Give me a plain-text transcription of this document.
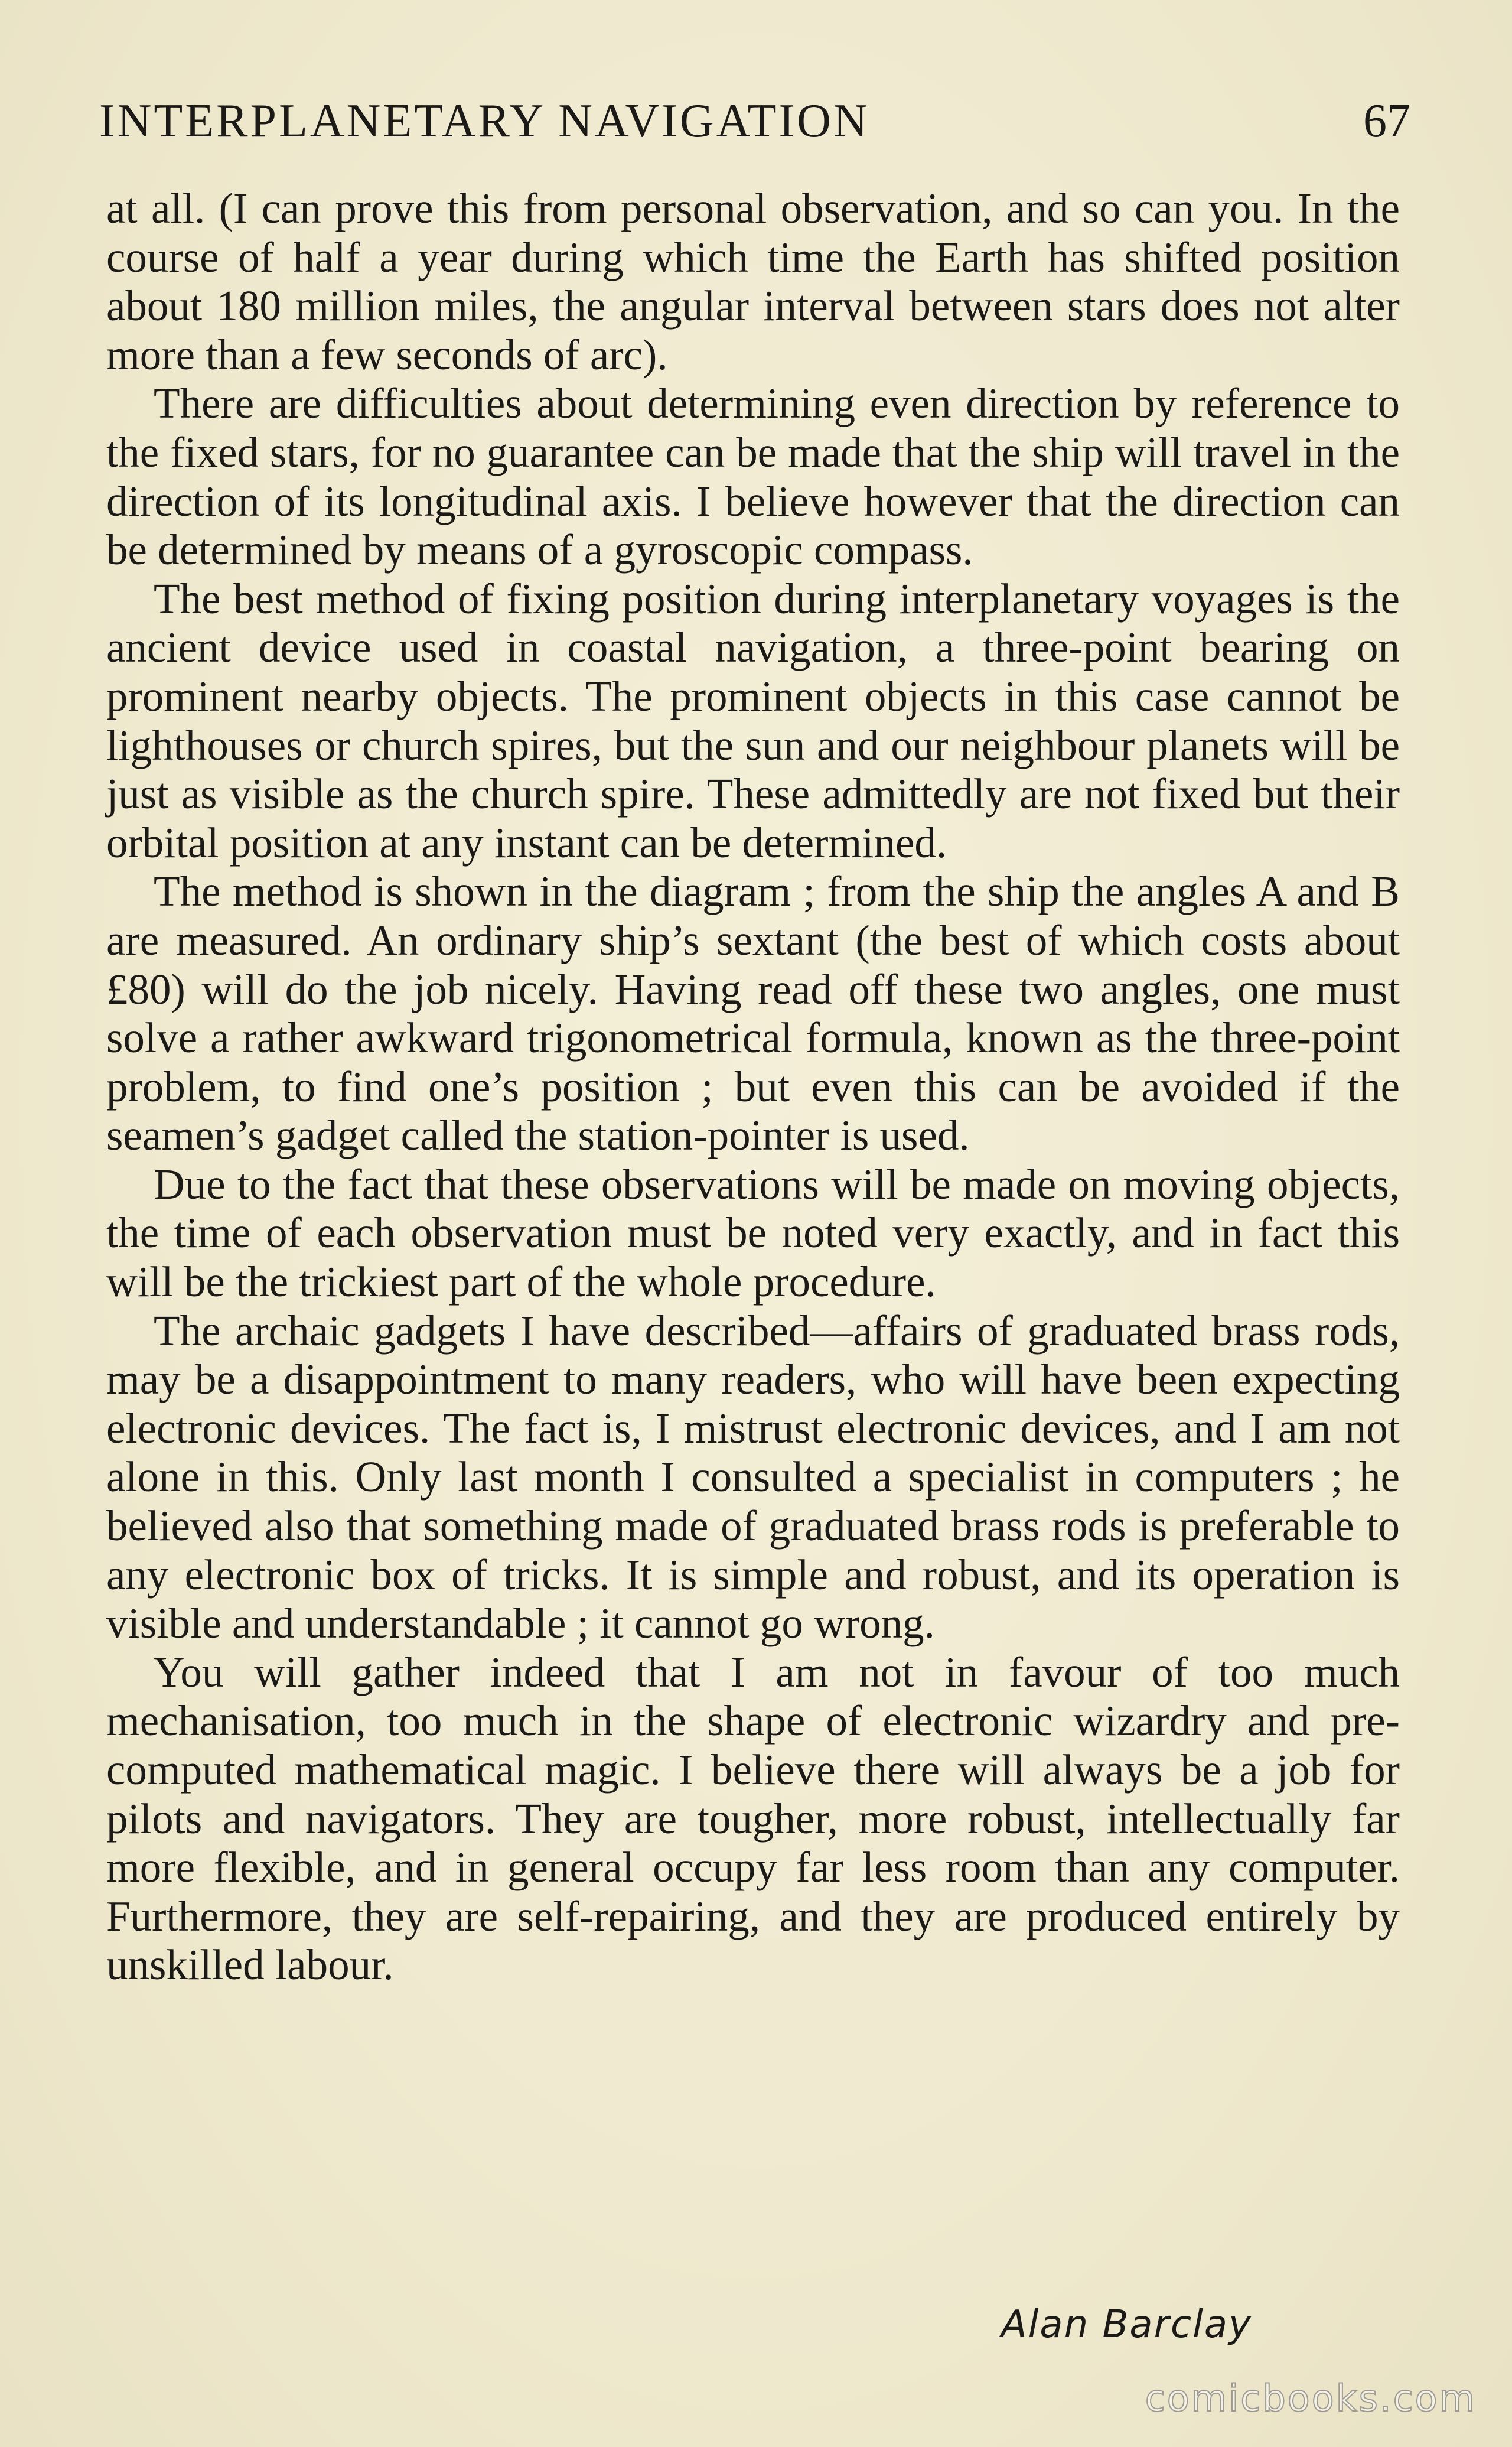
INTERPLANETARY NAVIGATION	67

at all. (I can prove this from personal observation, and so can you. In the course of half a year during which time the Earth has shifted position about 180 million miles, the angular interval between stars does not alter more than a few seconds of arc).

There are difficulties about determining even direction by reference to the fixed stars, for no guarantee can be made that the ship will travel in the direction of its longitudinal axis. I believe however that the direction can be determined by means of a gyroscopic compass.

The best method of fixing position during interplanetary voyages is the ancient device used in coastal navigation, a three-point bearing on prominent nearby objects. The prominent objects in this case cannot be lighthouses or church spires, but the sun and our neighbour planets will be just as visible as the church spire. These admittedly are not fixed but their orbital position at any instant can be determined.

The method is shown in the diagram ; from the ship the angles A and B are measured. An ordinary ship’s sextant (the best of which costs about £80) will do the job nicely. Having read off these two angles, one must solve a rather awkward trigonometrical formula, known as the three-point problem, to find one’s position ; but even this can be avoided if the seamen’s gadget called the station-pointer is used.

Due to the fact that these observations will be made on moving objects, the time of each observation must be noted very exactly, and in fact this will be the trickiest part of the whole procedure.

The archaic gadgets I have described—affairs of graduated brass rods, may be a disappointment to many readers, who will have been expecting electronic devices. The fact is, I mistrust electronic devices, and I am not alone in this. Only last month I consulted a specialist in computers ; he believed also that something made of graduated brass rods is preferable to any electronic box of tricks. It is simple and robust, and its operation is visible and understandable ; it cannot go wrong.

You will gather indeed that I am not in favour of too much mechanisation, too much in the shape of electronic wizardry and pre-computed mathematical magic. I believe there will always be a job for pilots and navigators. They are tougher, more robust, intellectually far more flexible, and in general occupy far less room than any computer. Furthermore, they are self-repairing, and they are produced entirely by unskilled labour.

Alan Barclay
comicbooks.com
